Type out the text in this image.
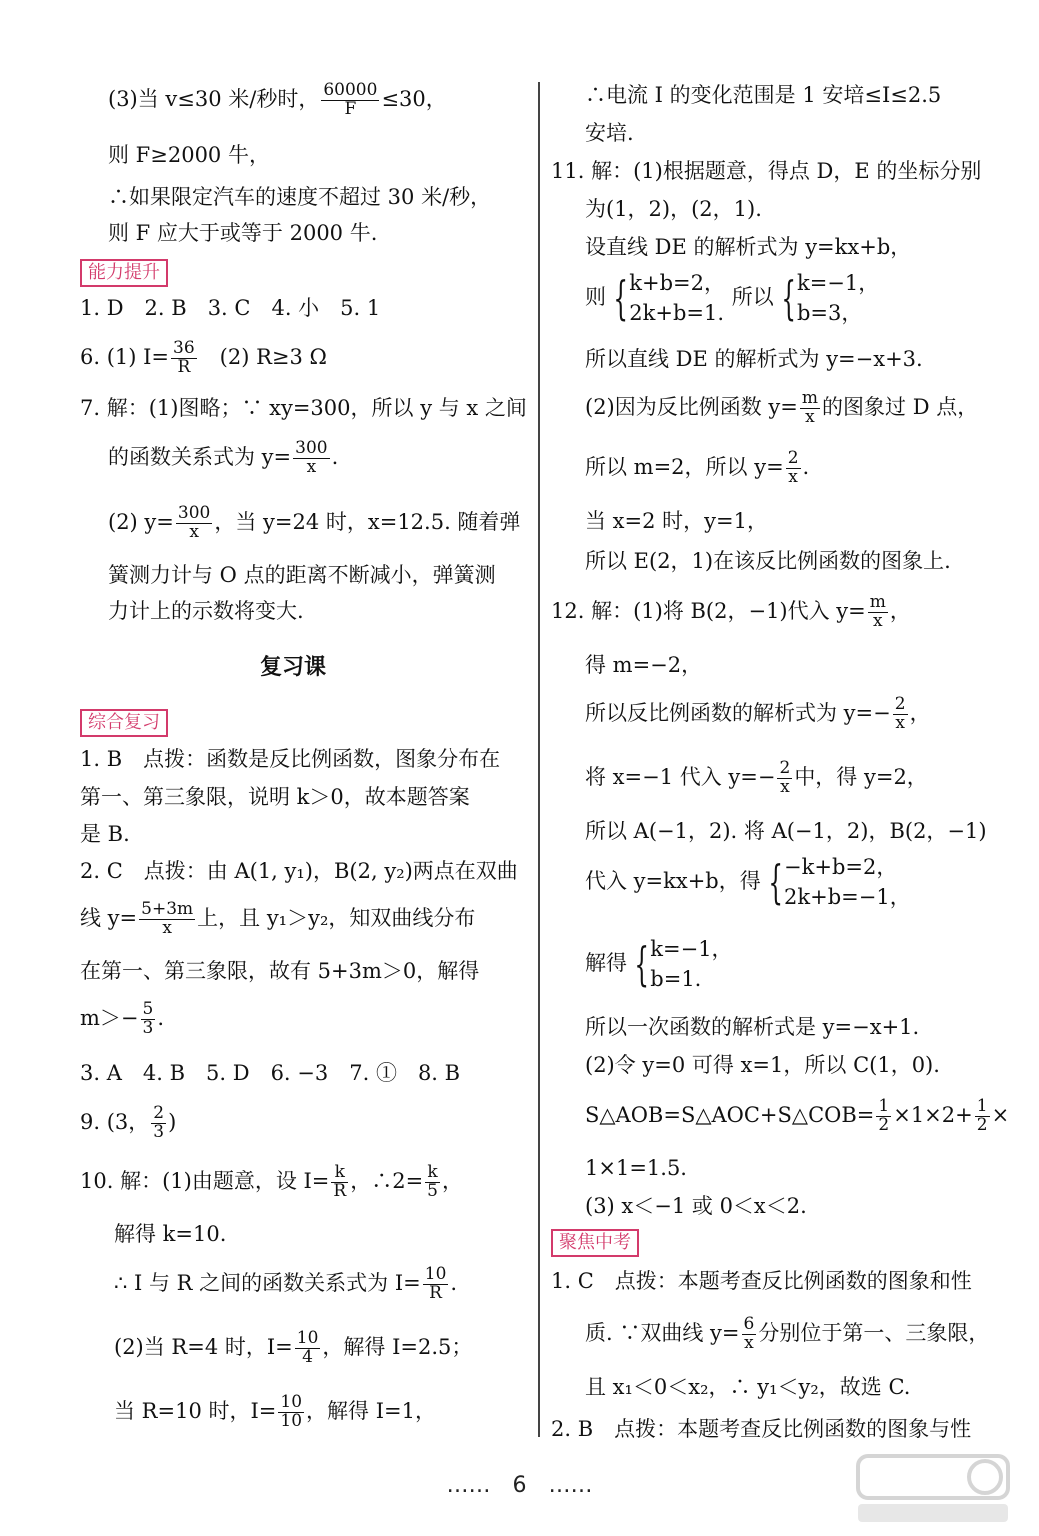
(3)当 v≤30 米/秒时， $\frac{60000}{F} \le 30$，
则 F≥2000 牛，
∴如果限定汽车的速度不超过 30 米/秒，
则 F 应大于或等于 2000 牛.
能力提升
1. D　2. B　3. C　4. 小　5. 1
6. (1) $I= \frac{36}{R}$ 　(2) R≥3 Ω
7. 解：(1)图略；∵ xy=300，所以 y 与 x 之间
的函数关系式为 $y= \frac{300}{x}$ .
(2) $y= \frac{300}{x}$ ，当 y=24 时，x=12.5. 随着弹
簧测力计与 O 点的距离不断减小，弹簧测
力计上的示数将变大.
复习课
综合复习
1. B　点拨：函数是反比例函数，图象分布在
第一、第三象限，说明 k＞0，故本题答案
是 B.
2. C　点拨：由 A(1, y₁)，B(2, y₂)两点在双曲
线 $y= \frac{5+3m}{x}$ 上，且 y₁＞y₂，知双曲线分布
在第一、第三象限，故有 5+3m＞0，解得
$m>- \frac{5}{3}$ .
3. A　4. B　5. D　6. −3　7. ①　8. B
9. (3， $\frac{2}{3}$ )
10. 解：(1)由题意，设 $I= \frac{k}{R}$ ，∴2= $\frac{k}{5}$ ，
解得 k=10.
∴ I 与 R 之间的函数关系式为 $I= \frac{10}{R}$ .
(2)当 R=4 时，$I= \frac{10}{4}$ ，解得 I=2.5；
当 R=10 时，$I= \frac{10}{10}$ ，解得 I=1，
∴电流 I 的变化范围是 1 安培≤I≤2.5
安培.
11. 解：(1)根据题意，得点 D，E 的坐标分别
为(1，2)，(2，1).
设直线 DE 的解析式为 y=kx+b，
则 { k+b=2，
2k+b=1.
所以 { k=−1，
b=3，
所以直线 DE 的解析式为 y=−x+3.
(2)因为反比例函数 $y= \frac{m}{x}$ 的图象过 D 点，
所以 m=2，所以 $y= \frac{2}{x}$ .
当 x=2 时，y=1，
所以 E(2，1)在该反比例函数的图象上.
12. 解：(1)将 B(2，−1)代入 $y= \frac{m}{x}$ ，
得 m=−2，
所以反比例函数的解析式为 $y=- \frac{2}{x}$ ，
将 x=−1 代入 $y=- \frac{2}{x}$ 中，得 y=2，
所以 A(−1，2). 将 A(−1，2)，B(2，−1)
代入 y=kx+b，得 { −k+b=2，
2k+b=−1，
解得 { k=−1，
b=1.
所以一次函数的解析式是 y=−x+1.
(2)令 y=0 可得 x=1，所以 C(1，0).
S△AOB=S△AOC+S△COB= $\frac{1}{2} \times 1\times 2+ \frac{1}{2}$ ×
1×1=1.5.
(3) x＜−1 或 0＜x＜2.
聚焦中考
1. C　点拨：本题考查反比例函数的图象和性
质. ∵双曲线 $y= \frac{6}{x}$ 分别位于第一、三象限，
且 x₁＜0＜x₂，∴ y₁＜y₂，故选 C.
2. B　点拨：本题考查反比例函数的图象与性
……　6　……
